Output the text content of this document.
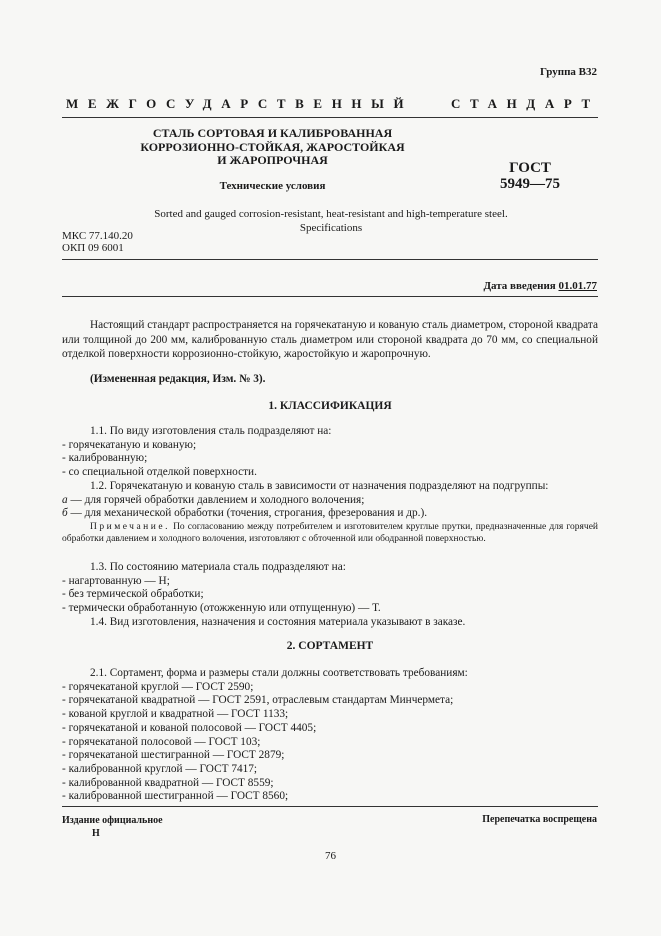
Группа В32
МЕЖГОСУДАРСТВЕННЫЙ	СТАНДАРТ
СТАЛЬ СОРТОВАЯ И КАЛИБРОВАННАЯ
КОРРОЗИОННО-СТОЙКАЯ, ЖАРОСТОЙКАЯ
И ЖАРОПРОЧНАЯ
Технические условия
ГОСТ
5949—75
Sorted and gauged corrosion-resistant, heat-resistant and high-temperature steel.
Specifications
МКС 77.140.20
ОКП 09 6001
Дата введения 01.01.77
Настоящий стандарт распространяется на горячекатаную и кованую сталь диаметром, стороной квадрата или толщиной до 200 мм, калиброванную сталь диаметром или стороной квадрата до 70 мм, со специальной отделкой поверхности коррозионно-стойкую, жаростойкую и жаропрочную.
(Измененная редакция, Изм. № 3).
1. КЛАССИФИКАЦИЯ
1.1. По виду изготовления сталь подразделяют на:
- горячекатаную и кованую;
- калиброванную;
- со специальной отделкой поверхности.
1.2. Горячекатаную и кованую сталь в зависимости от назначения подразделяют на подгруппы:
а — для горячей обработки давлением и холодного волочения;
б — для механической обработки (точения, строгания, фрезерования и др.).
Примечание. По согласованию между потребителем и изготовителем круглые прутки, предназначенные для горячей обработки давлением и холодного волочения, изготовляют с обточенной или ободранной поверхностью.
1.3. По состоянию материала сталь подразделяют на:
- нагартованную — Н;
- без термической обработки;
- термически обработанную (отожженную или отпущенную) — Т.
1.4. Вид изготовления, назначения и состояния материала указывают в заказе.
2. СОРТАМЕНТ
2.1. Сортамент, форма и размеры стали должны соответствовать требованиям:
- горячекатаной круглой — ГОСТ 2590;
- горячекатаной квадратной — ГОСТ 2591, отраслевым стандартам Минчермета;
- кованой круглой и квадратной — ГОСТ 1133;
- горячекатаной и кованой полосовой — ГОСТ 4405;
- горячекатаной полосовой — ГОСТ 103;
- горячекатаной шестигранной — ГОСТ 2879;
- калиброванной круглой — ГОСТ 7417;
- калиброванной квадратной — ГОСТ 8559;
- калиброванной шестигранной — ГОСТ 8560;
Издание официальное
Н
Перепечатка воспрещена
76
